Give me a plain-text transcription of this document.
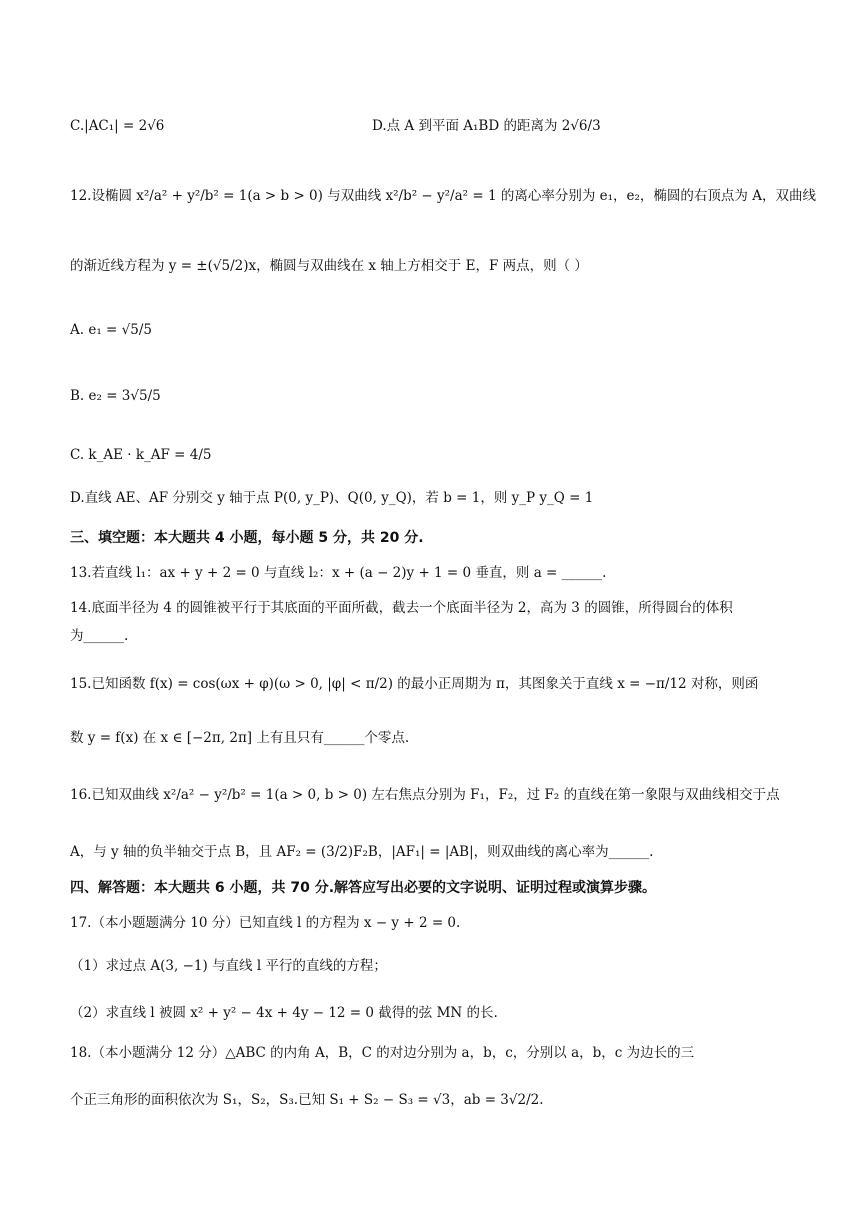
C.|AC₁| = 2√6	D.点 A 到平面 A₁BD 的距离为 2√6/3
12.设椭圆 x²/a² + y²/b² = 1(a > b > 0) 与双曲线 x²/b² − y²/a² = 1 的离心率分别为 e₁，e₂，椭圆的右顶点为 A，双曲线
的渐近线方程为 y = ±(√5/2)x，椭圆与双曲线在 x 轴上方相交于 E，F 两点，则（ ）
A. e₁ = √5/5
B. e₂ = 3√5/5
C. k_AE · k_AF = 4/5
D.直线 AE、AF 分别交 y 轴于点 P(0, y_P)、Q(0, y_Q)，若 b = 1，则 y_P y_Q = 1
三、填空题：本大题共 4 小题，每小题 5 分，共 20 分.
13.若直线 l₁：ax + y + 2 = 0 与直线 l₂：x + (a − 2)y + 1 = 0 垂直，则 a = ______.
14.底面半径为 4 的圆锥被平行于其底面的平面所截，截去一个底面半径为 2，高为 3 的圆锥，所得圆台的体积
为______.
15.已知函数 f(x) = cos(ωx + φ)(ω > 0, |φ| < π/2) 的最小正周期为 π，其图象关于直线 x = −π/12 对称，则函
数 y = f(x) 在 x ∈ [−2π, 2π] 上有且只有______个零点.
16.已知双曲线 x²/a² − y²/b² = 1(a > 0, b > 0) 左右焦点分别为 F₁，F₂，过 F₂ 的直线在第一象限与双曲线相交于点
A，与 y 轴的负半轴交于点 B，且 AF₂ = (3/2)F₂B，|AF₁| = |AB|，则双曲线的离心率为______.
四、解答题：本大题共 6 小题，共 70 分.解答应写出必要的文字说明、证明过程或演算步骤。
17.（本小题题满分 10 分）已知直线 l 的方程为 x − y + 2 = 0.
（1）求过点 A(3, −1) 与直线 l 平行的直线的方程；
（2）求直线 l 被圆 x² + y² − 4x + 4y − 12 = 0 截得的弦 MN 的长.
18.（本小题满分 12 分）△ABC 的内角 A，B，C 的对边分别为 a，b，c，分别以 a，b，c 为边长的三
个正三角形的面积依次为 S₁，S₂，S₃.已知 S₁ + S₂ − S₃ = √3，ab = 3√2/2.
